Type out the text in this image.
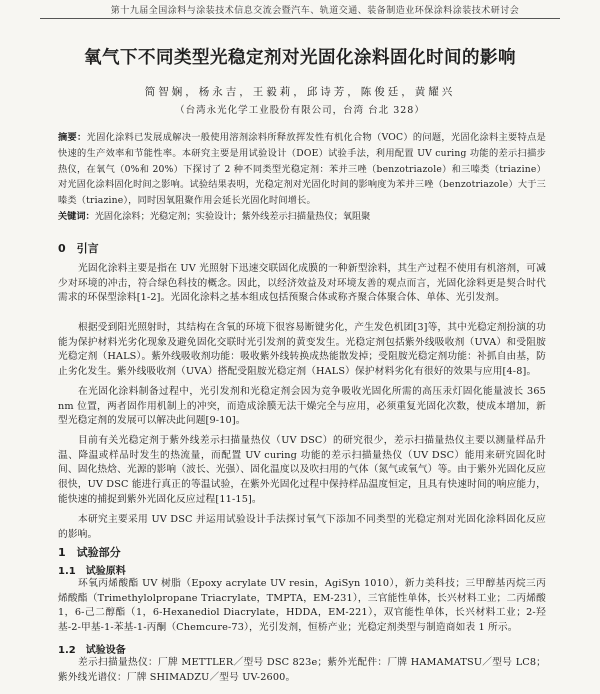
第十九届全国涂料与涂装技术信息交流会暨汽车、轨道交通、装备制造业环保涂料涂装技术研讨会
氧气下不同类型光稳定剂对光固化涂料固化时间的影响
简智娴，杨永吉，王毅莉，邱诗芳，陈俊廷，黄耀兴
（台湾永光化学工业股份有限公司，台湾 台北 328）
摘要：光固化涂料已发展成解决一般使用溶剂涂料所释放挥发性有机化合物（VOC）的问题，光固化涂料主要特点是快速的生产效率和节能性率。本研究主要是用试验设计（DOE）试验手法，利用配置 UV curing 功能的差示扫描步热仪，在氧气（0%和 20%）下探讨了 2 种不同类型光稳定剂：苯并三唑（benzotriazole）和三嗪类（triazine）对光固化涂料固化时间之影响。试验结果表明，光稳定剂对光固化时间的影响度为苯并三唑（benzotriazole）大于三嗪类（triazine），同时因氧阻聚作用会延长光固化时间增长。
关键词：光固化涂料；光稳定剂；实验设计；紫外线差示扫描量热仪；氧阻聚
0　引言

光固化涂料主要是指在 UV 光照射下迅速交联固化成膜的一种新型涂料，其生产过程不使用有机溶剂，可减少对环境的冲击，符合绿色科技的概念。因此，以经济效益及对环境友善的观点而言，光固化涂料更是契合时代需求的环保型涂料[1-2]。光固化涂料之基本组成包括预聚合体或称齐聚合体聚合体、单体、光引发剂。

根据受到阳光照射时，其结构在含氧的环境下很容易断键劣化，产生发色机团[3]等，其中光稳定剂扮演的功能为保护材料光劣化现象及避免固化交联时光引发剂的黄变发生。光稳定剂包括紫外线吸收剂（UVA）和受阻胺光稳定剂（HALS）。紫外线吸收剂功能：吸收紫外线转换成热能散发掉；受阻胺光稳定剂功能：补抓自由基，防止劣化发生。紫外线吸收剂（UVA）搭配受阻胺光稳定剂（HALS）保护材料劣化有很好的效果与应用[4-8]。

在光固化涂料制备过程中，光引发剂和光稳定剂会因为竞争吸收光固化所需的高压汞灯固化能量波长 365 nm 位置，两者固作用机制上的冲突，而造成涂膜无法干燥完全与应用，必须重复光固化次数，使成本增加，新型光稳定剂的发展可以解决此问题[9-10]。

目前有关光稳定剂于紫外线差示扫描量热仪（UV DSC）的研究很少，差示扫描量热仪主要以测量样品升温、降温或样品时发生的热流量，而配置 UV curing 功能的差示扫描量热仪（UV DSC）能用来研究固化时间、固化热焓、光源的影响（波长、光强）、固化温度以及吹扫用的气体（氮气或氧气）等。由于紫外光固化反应很快，UV DSC 能进行真正的等温试验，在紫外光固化过程中保持样品温度恒定，且具有快速时间的响应能力，能快速的捕捉到紫外光固化反应过程[11-15]。

本研究主要采用 UV DSC 并运用试验设计手法探讨氧气下添加不同类型的光稳定剂对光固化涂料固化反应的影响。

1　试验部分
1.1　试验原料

环氧丙烯酸酯 UV 树脂（Epoxy acrylate UV resin，AgiSyn 1010），新力美科技；三甲醇基丙烷三丙烯酸酯（Trimethylolpropane Triacrylate，TMPTA，EM-231），三官能性单体，长兴材料工业；二丙烯酸 1，6-己二醇酯（1，6-Hexanediol Diacrylate，HDDA，EM-221），双官能性单体，长兴材料工业；2-羟基-2-甲基-1-苯基-1-丙酮（Chemcure-73），光引发剂，恒桥产业；光稳定剂类型与制造商如表 1 所示。

1.2　试验设备

差示扫描量热仪：厂牌 METTLER／型号 DSC 823e；紫外光配件：厂牌 HAMAMATSU／型号 LC8；紫外线光谱仪：厂牌 SHIMADZU／型号 UV-2600。
